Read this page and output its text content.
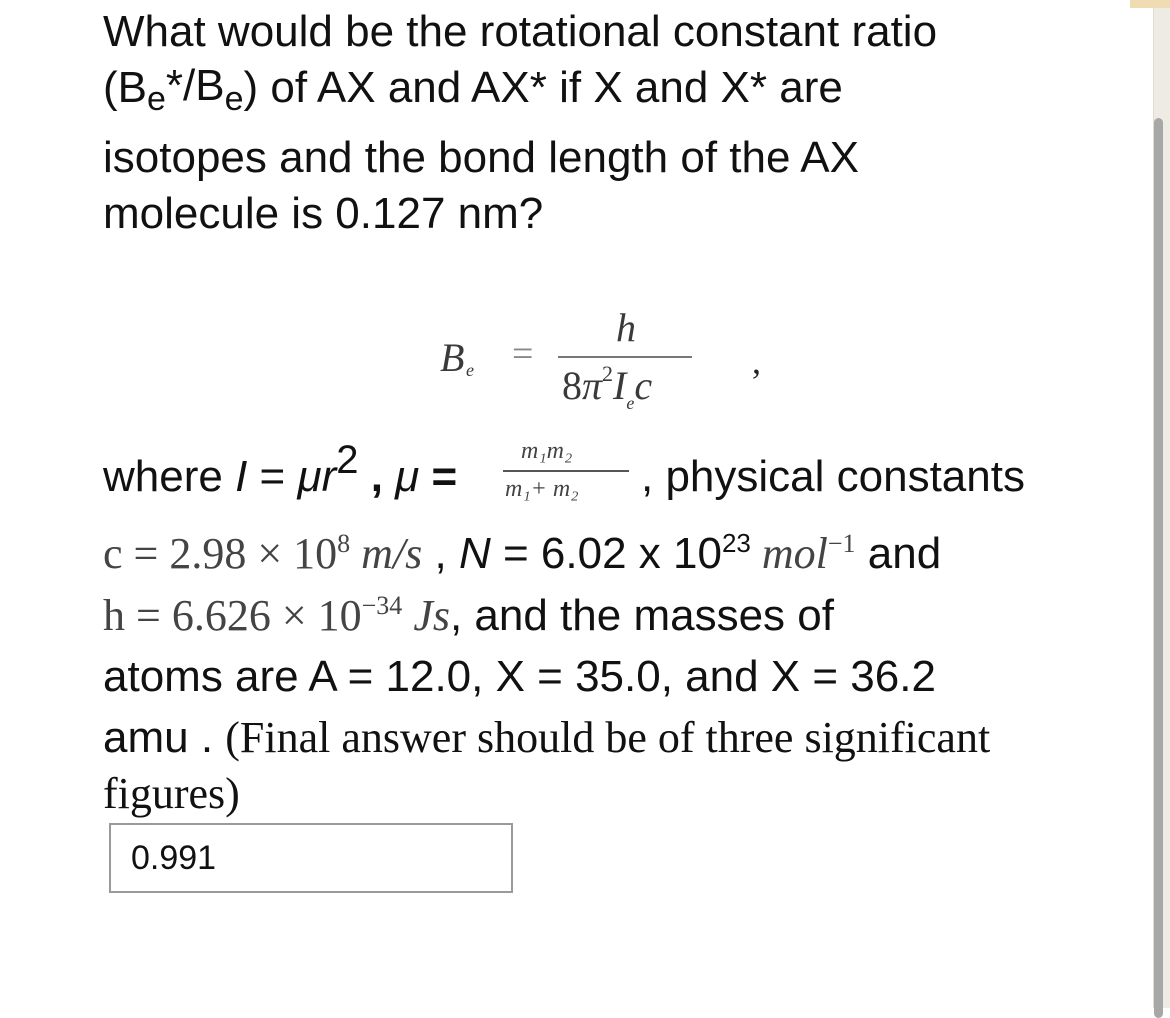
What would be the rotational constant ratio
(Be*/Be) of AX and AX* if X and X* are
isotopes and the bond length of the AX
molecule is 0.127 nm?
B e =
h
$8\pi^2I_ec$
,
where I = μr2 , μ =
m₁m₂
m₁+ m₂ , physical constants
$c = 2.98 \times 10^8$ m/s , N = 6.02 x $10^{23}$ mol$^{-1}$ and
$h = 6.626 \times 10^{-34}$ Js, and the masses of
atoms are A = 12.0, X = 35.0, and X = 36.2
amu . (Final answer should be of three significant
figures)
0.991
